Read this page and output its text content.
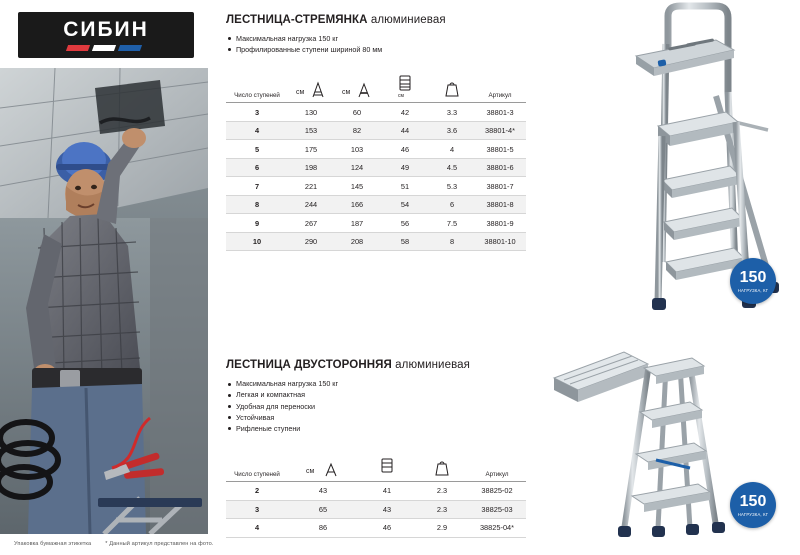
СИБИН
Упаковка бумажная этикетка	* Данный артикул представлен на фото.
ЛЕСТНИЦА-СТРЕМЯНКА алюминиевая
Максимальная нагрузка 150 кг
Профилированные ступени шириной 80 мм
Число ступеней	см	см	см		Артикул

3	130	60	42	3.3	38801-3
4	153	82	44	3.6	38801-4*
5	175	103	46	4	38801-5
6	198	124	49	4.5	38801-6
7	221	145	51	5.3	38801-7
8	244	166	54	6	38801-8
9	267	187	56	7.5	38801-9
10	290	208	58	8	38801-10
ЛЕСТНИЦА ДВУСТОРОННЯЯ алюминиевая
Максимальная нагрузка 150 кг
Легкая и компактная
Удобная для переноски
Устойчивая
Рифленые ступени
Число ступеней	см			Артикул

2	43	41	2.3	38825-02
3	65	43	2.3	38825-03
4	86	46	2.9	38825-04*
150
НАГРУЗКА, КГ
150
НАГРУЗКА, КГ
